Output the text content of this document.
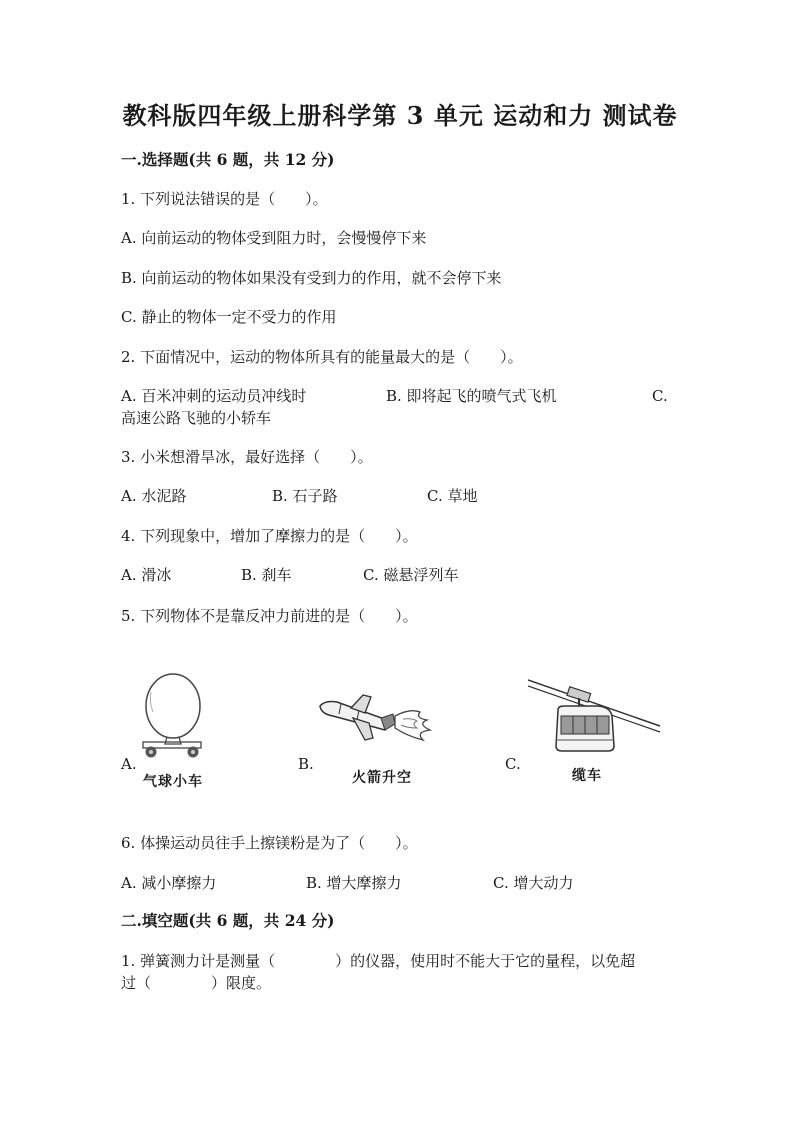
教科版四年级上册科学第 3 单元 运动和力 测试卷
一.选择题(共 6 题，共 12 分)
1. 下列说法错误的是（　　）。
A. 向前运动的物体受到阻力时，会慢慢停下来
B. 向前运动的物体如果没有受到力的作用，就不会停下来
C. 静止的物体一定不受力的作用
2. 下面情况中，运动的物体所具有的能量最大的是（　　）。
A. 百米冲刺的运动员冲线时	B. 即将起飞的喷气式飞机	C.
高速公路飞驰的小轿车
3. 小米想滑旱冰，最好选择（　　）。
A. 水泥路	B. 石子路	C. 草地
4. 下列现象中，增加了摩擦力的是（　　）。
A. 滑冰	B. 刹车	C. 磁悬浮列车
5. 下列物体不是靠反冲力前进的是（　　）。
A.	B.	C.
气球小车	火箭升空	缆车
6. 体操运动员往手上擦镁粉是为了（　　）。
A. 减小摩擦力	B. 增大摩擦力	C. 增大动力
二.填空题(共 6 题，共 24 分)
1. 弹簧测力计是测量（　　　　）的仪器，使用时不能大于它的量程，以免超
过（　　　　）限度。
